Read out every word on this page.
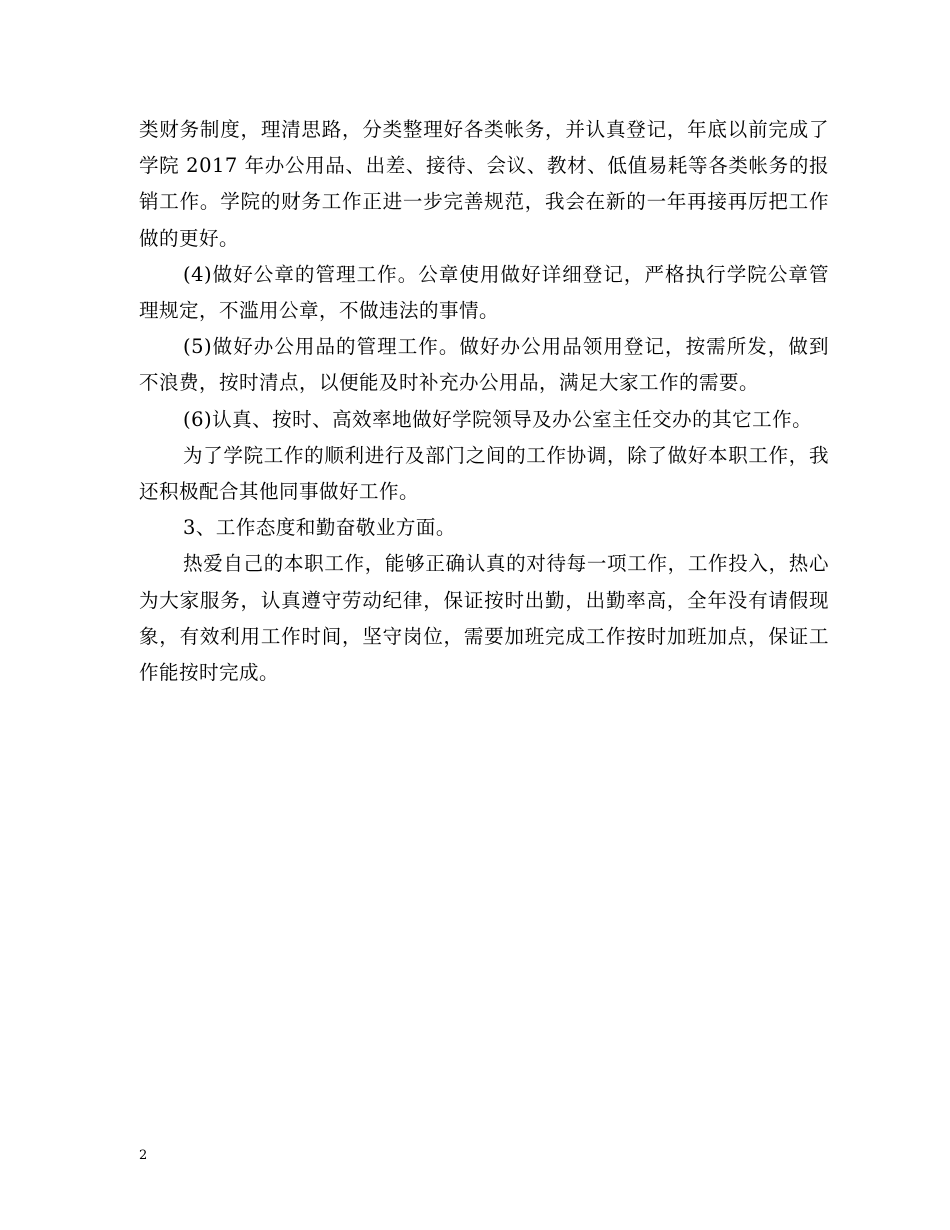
类财务制度，理清思路，分类整理好各类帐务，并认真登记，年底以前完成了学院 2017 年办公用品、出差、接待、会议、教材、低值易耗等各类帐务的报销工作。学院的财务工作正进一步完善规范，我会在新的一年再接再厉把工作做的更好。

(4)做好公章的管理工作。公章使用做好详细登记，严格执行学院公章管理规定，不滥用公章，不做违法的事情。

(5)做好办公用品的管理工作。做好办公用品领用登记，按需所发，做到不浪费，按时清点，以便能及时补充办公用品，满足大家工作的需要。

(6)认真、按时、高效率地做好学院领导及办公室主任交办的其它工作。

为了学院工作的顺利进行及部门之间的工作协调，除了做好本职工作，我还积极配合其他同事做好工作。

3、工作态度和勤奋敬业方面。

热爱自己的本职工作，能够正确认真的对待每一项工作，工作投入，热心为大家服务，认真遵守劳动纪律，保证按时出勤，出勤率高，全年没有请假现象，有效利用工作时间，坚守岗位，需要加班完成工作按时加班加点，保证工作能按时完成。

2
